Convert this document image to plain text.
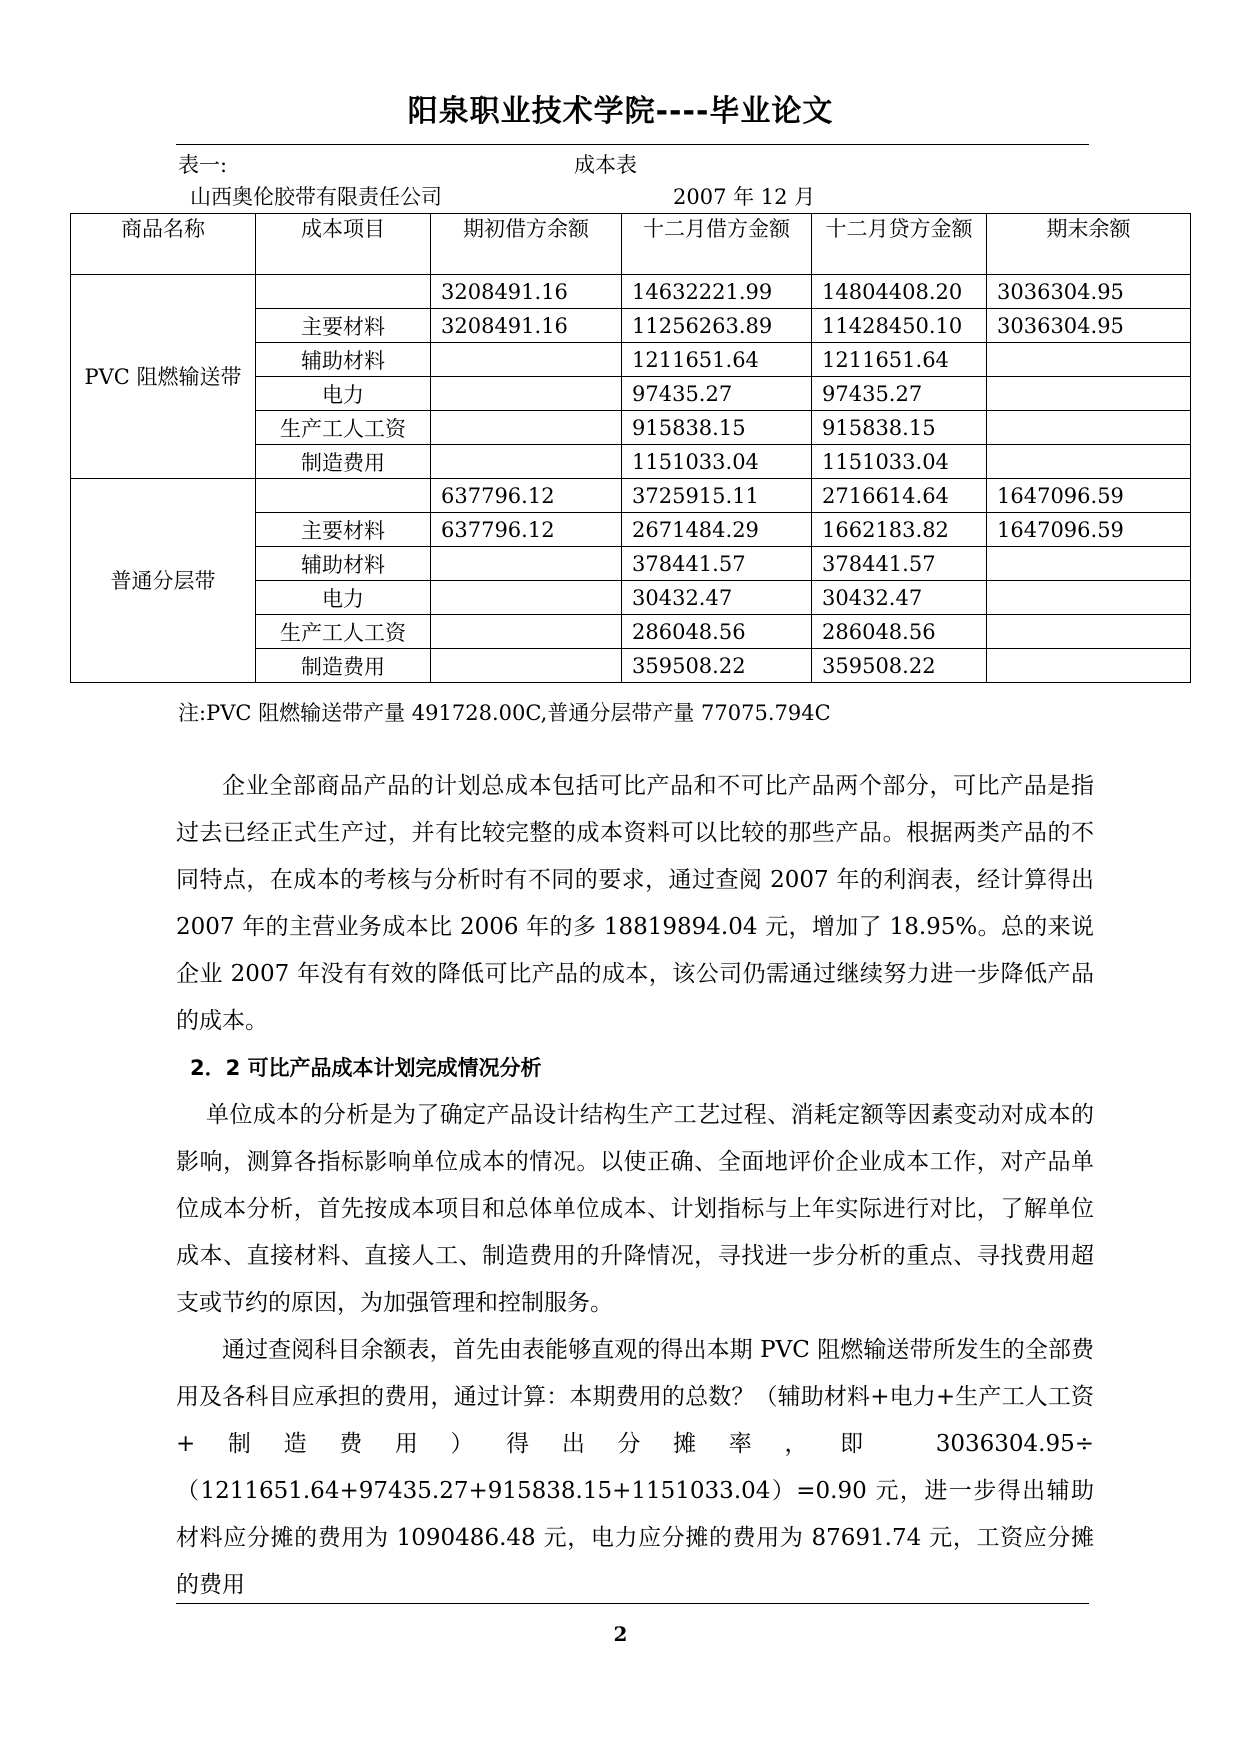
阳泉职业技术学院----毕业论文
表一:	成本表
山西奥伦胶带有限责任公司	2007 年 12 月
商品名称	成本项目	期初借方余额	十二月借方金额	十二月贷方金额	期末余额
PVC 阻燃输送带		3208491.16	14632221.99	14804408.20	3036304.95
	主要材料	3208491.16	11256263.89	11428450.10	3036304.95
	辅助材料		1211651.64	1211651.64	
	电力		97435.27	97435.27	
	生产工人工资		915838.15	915838.15	
	制造费用		1151033.04	1151033.04	
普通分层带		637796.12	3725915.11	2716614.64	1647096.59
	主要材料	637796.12	2671484.29	1662183.82	1647096.59
	辅助材料		378441.57	378441.57	
	电力		30432.47	30432.47	
	生产工人工资		286048.56	286048.56	
	制造费用		359508.22	359508.22	
注:PVC 阻燃输送带产量 491728.00C,普通分层带产量 77075.794C

企业全部商品产品的计划总成本包括可比产品和不可比产品两个部分，可比产品是指过去已经正式生产过，并有比较完整的成本资料可以比较的那些产品。根据两类产品的不同特点，在成本的考核与分析时有不同的要求，通过查阅 2007 年的利润表，经计算得出 2007 年的主营业务成本比 2006 年的多 18819894.04 元，增加了 18.95%。总的来说企业 2007 年没有有效的降低可比产品的成本，该公司仍需通过继续努力进一步降低产品的成本。

2．2 可比产品成本计划完成情况分析

单位成本的分析是为了确定产品设计结构生产工艺过程、消耗定额等因素变动对成本的影响，测算各指标影响单位成本的情况。以使正确、全面地评价企业成本工作，对产品单位成本分析，首先按成本项目和总体单位成本、计划指标与上年实际进行对比，了解单位成本、直接材料、直接人工、制造费用的升降情况，寻找进一步分析的重点、寻找费用超支或节约的原因，为加强管理和控制服务。

通过查阅科目余额表，首先由表能够直观的得出本期 PVC 阻燃输送带所发生的全部费用及各科目应承担的费用，通过计算：本期费用的总数？（辅助材料+电力+生产工人工资+制造费用）得出分摊率，即 3036304.95÷（1211651.64+97435.27+915838.15+1151033.04）=0.90 元，进一步得出辅助材料应分摊的费用为 1090486.48 元，电力应分摊的费用为 87691.74 元，工资应分摊的费用

2
